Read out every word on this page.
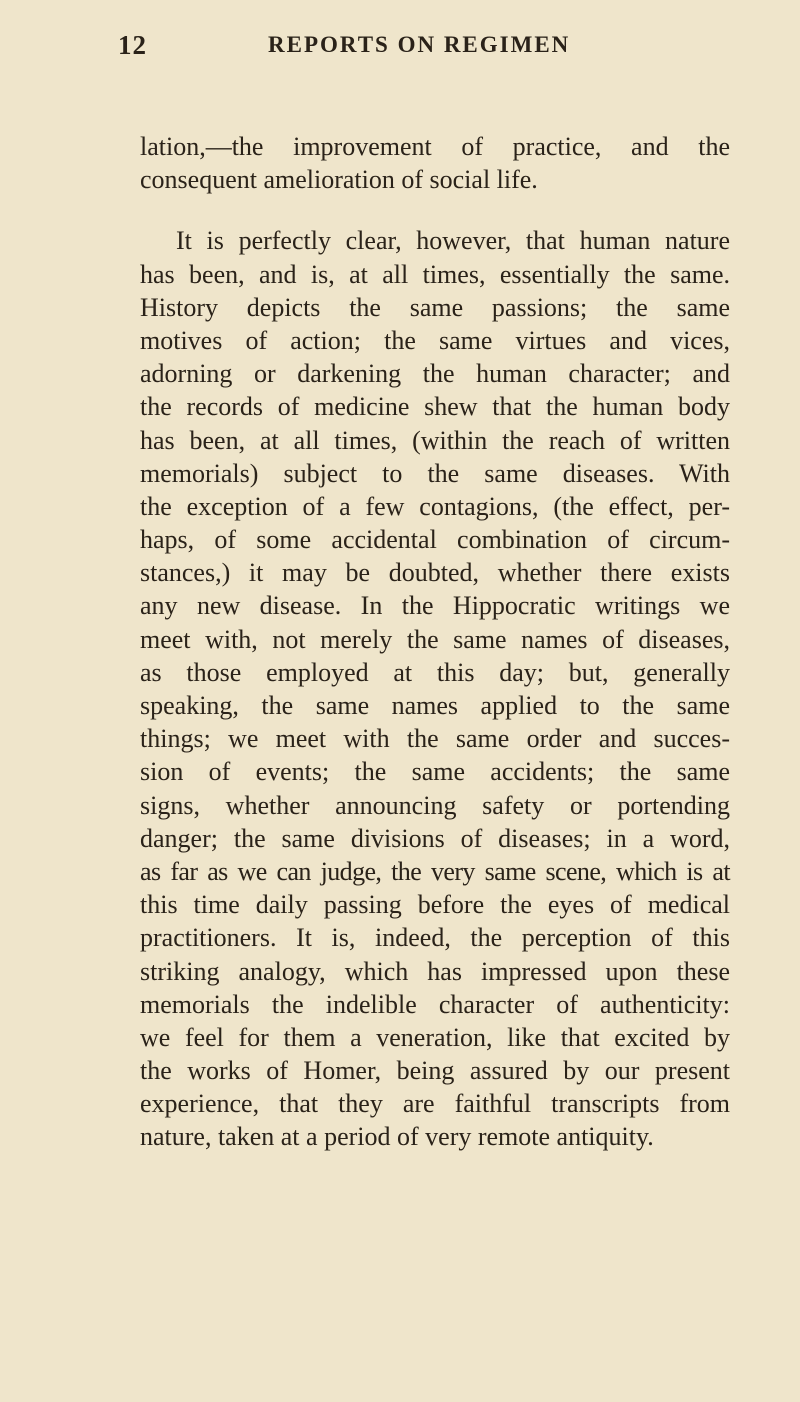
12	REPORTS ON REGIMEN
lation,—the improvement of practice, and the
consequent amelioration of social life.
It is perfectly clear, however, that human nature
has been, and is, at all times, essentially the same.
History depicts the same passions; the same
motives of action; the same virtues and vices,
adorning or darkening the human character; and
the records of medicine shew that the human body
has been, at all times, (within the reach of written
memorials) subject to the same diseases. With
the exception of a few contagions, (the effect, per-
haps, of some accidental combination of circum-
stances,) it may be doubted, whether there exists
any new disease. In the Hippocratic writings we
meet with, not merely the same names of diseases,
as those employed at this day; but, generally
speaking, the same names applied to the same
things; we meet with the same order and succes-
sion of events; the same accidents; the same
signs, whether announcing safety or portending
danger; the same divisions of diseases; in a word,
as far as we can judge, the very same scene, which is at
this time daily passing before the eyes of medical
practitioners. It is, indeed, the perception of this
striking analogy, which has impressed upon these
memorials the indelible character of authenticity:
we feel for them a veneration, like that excited by
the works of Homer, being assured by our present
experience, that they are faithful transcripts from
nature, taken at a period of very remote antiquity.
